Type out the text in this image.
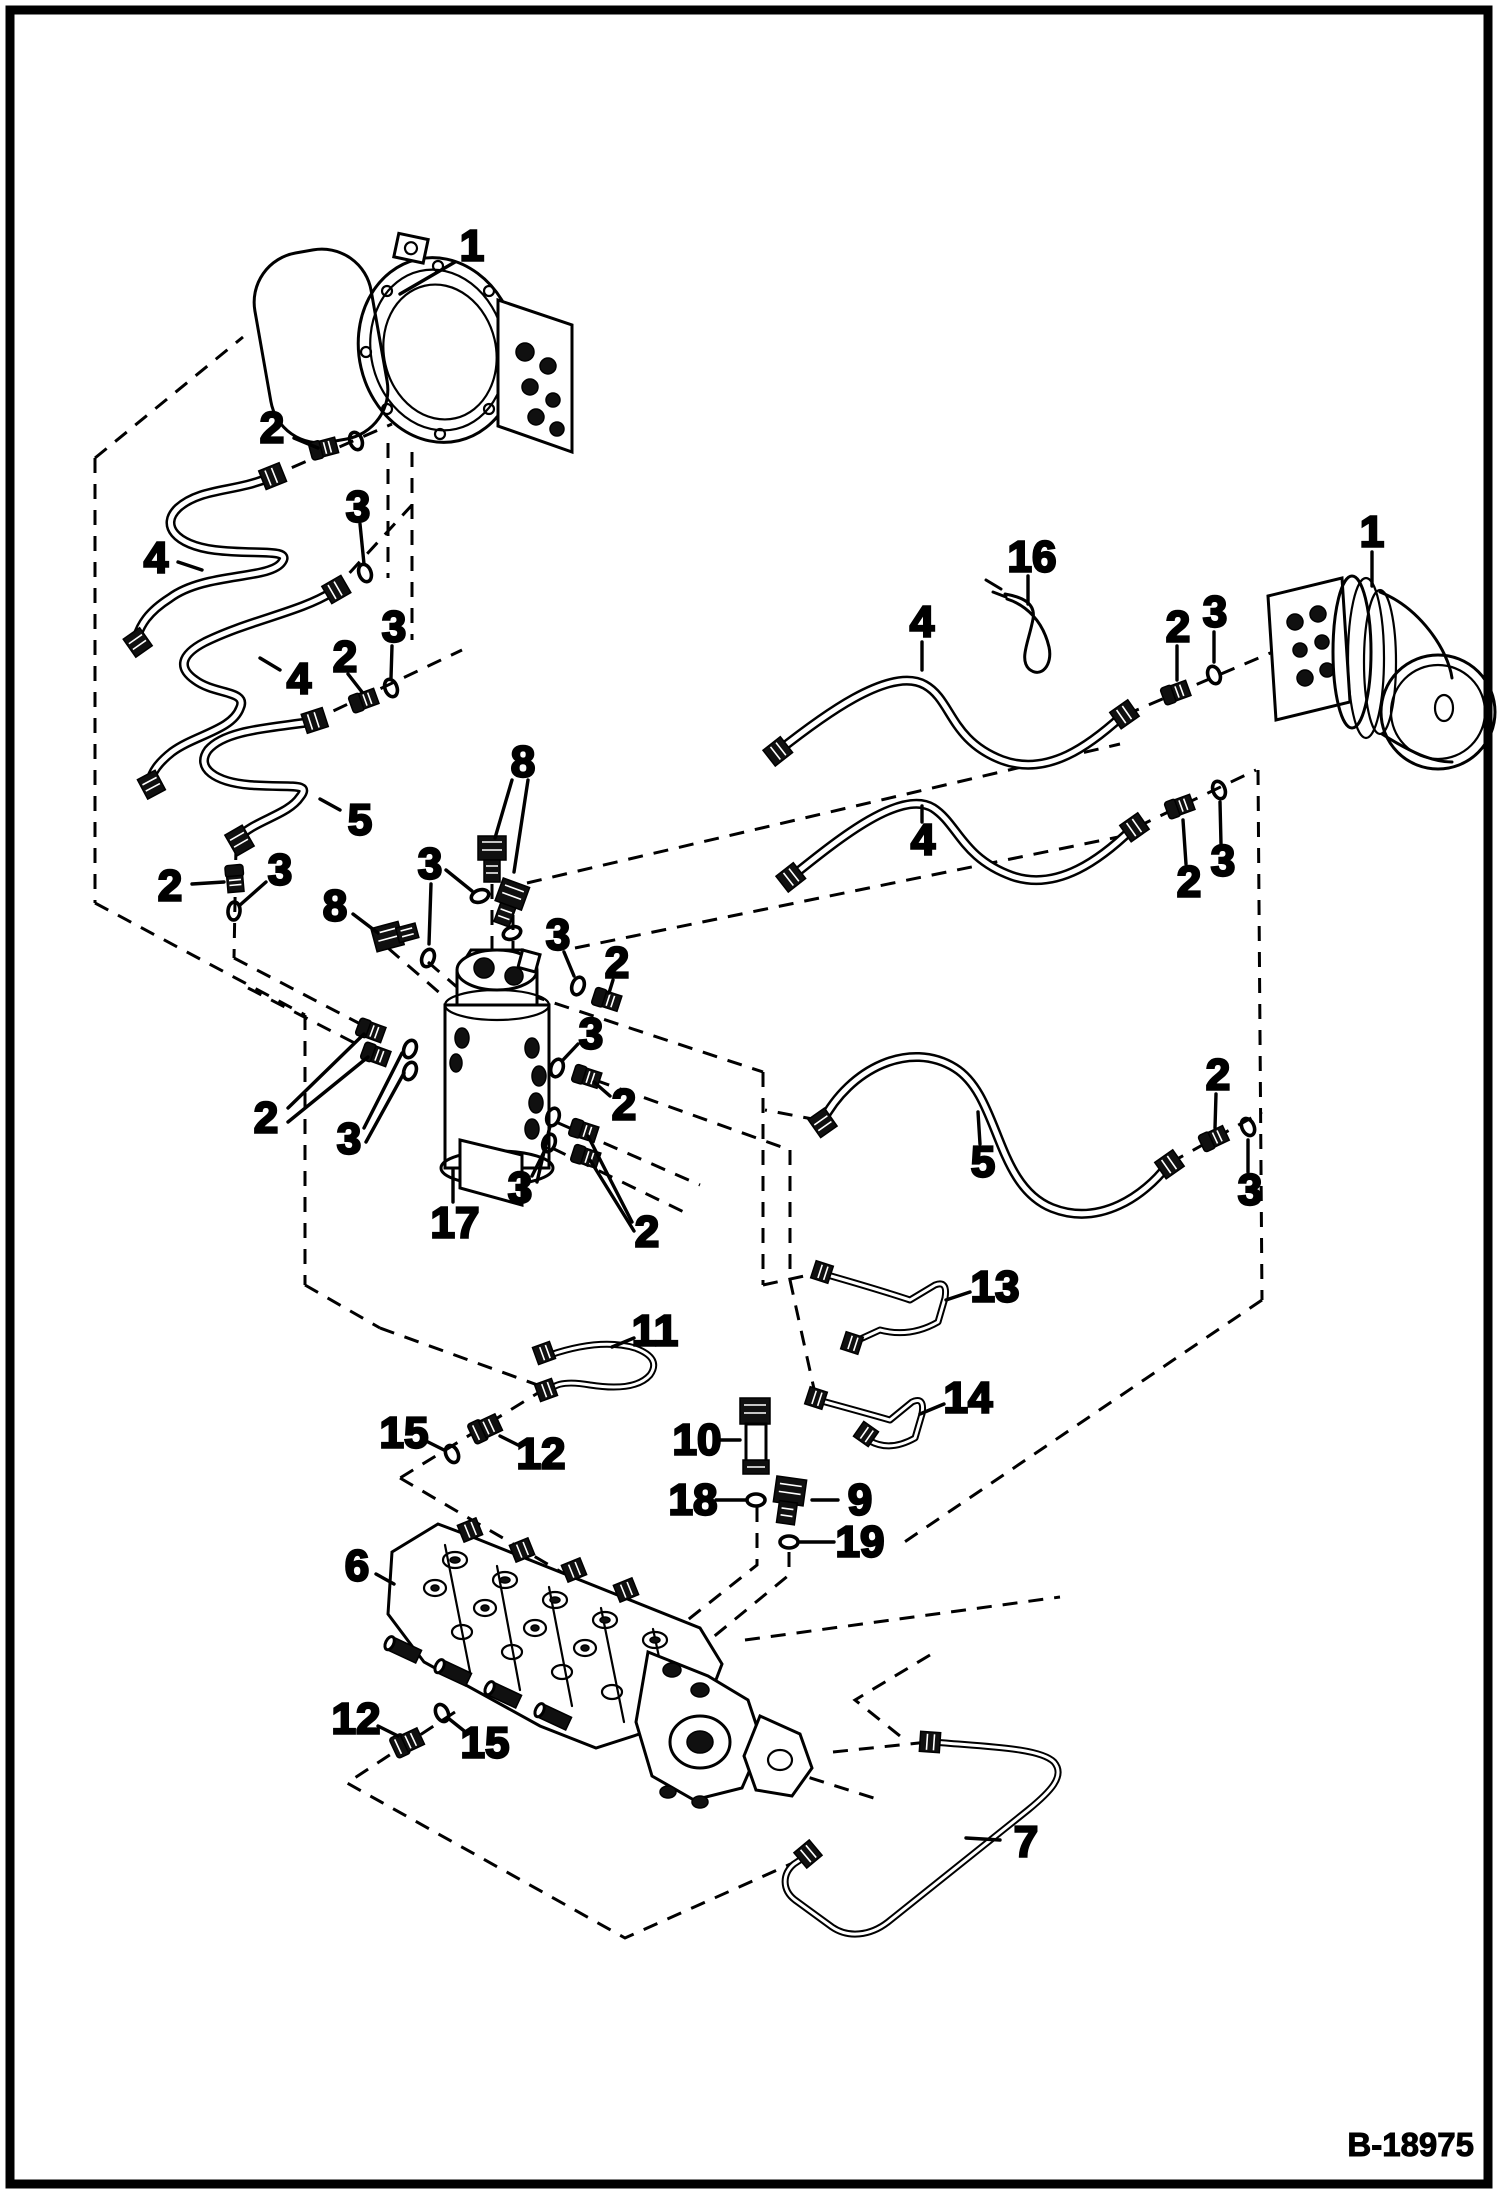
1
1
2
3
4
3
2
4
5
2 3
8
8
3
3
2
3
2
2 3
3
2
17
16
4	2 3
4
2 3
5
2
3
13
14
11
15 12 10
18	9
19
6
12 15
7
B-18975
